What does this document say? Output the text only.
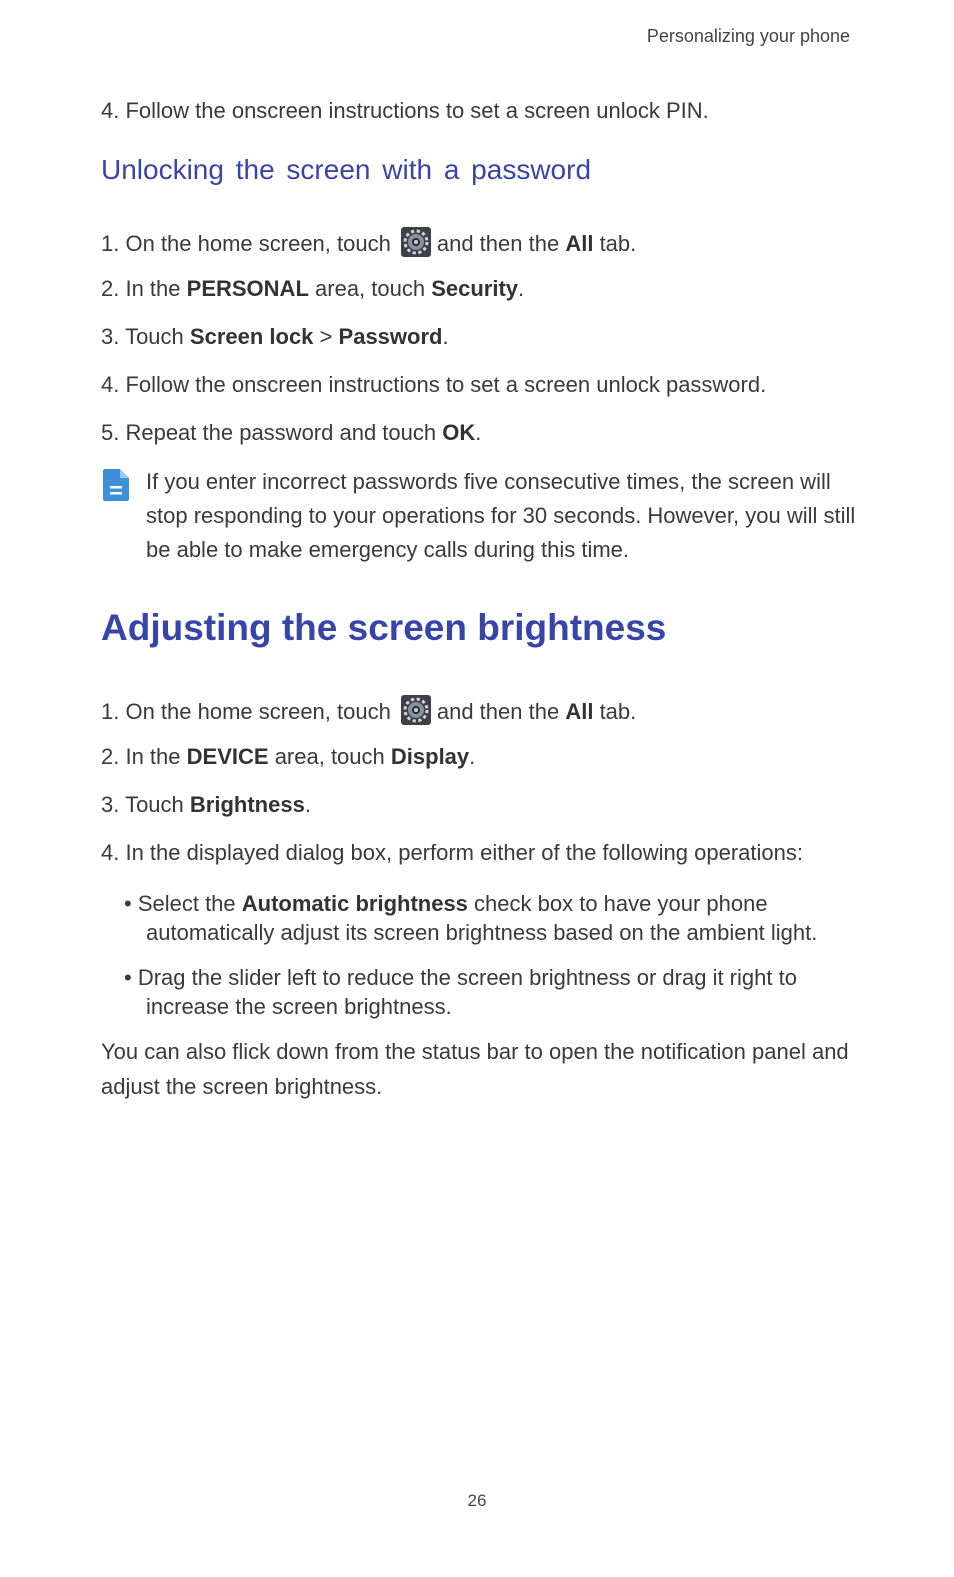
Personalizing your phone
4. Follow the onscreen instructions to set a screen unlock PIN.
Unlocking the screen with a password
1. On the home screen, touch and then the All tab.
2. In the PERSONAL area, touch Security.
3. Touch Screen lock > Password.
4. Follow the onscreen instructions to set a screen unlock password.
5. Repeat the password and touch OK.
If you enter incorrect passwords five consecutive times, the screen will stop responding to your operations for 30 seconds. However, you will still be able to make emergency calls during this time.
Adjusting the screen brightness
1. On the home screen, touch and then the All tab.
2. In the DEVICE area, touch Display.
3. Touch Brightness.
4. In the displayed dialog box, perform either of the following operations:
• Select the Automatic brightness check box to have your phone
automatically adjust its screen brightness based on the ambient light.
• Drag the slider left to reduce the screen brightness or drag it right to
increase the screen brightness.
You can also flick down from the status bar to open the notification panel and adjust the screen brightness.
26
